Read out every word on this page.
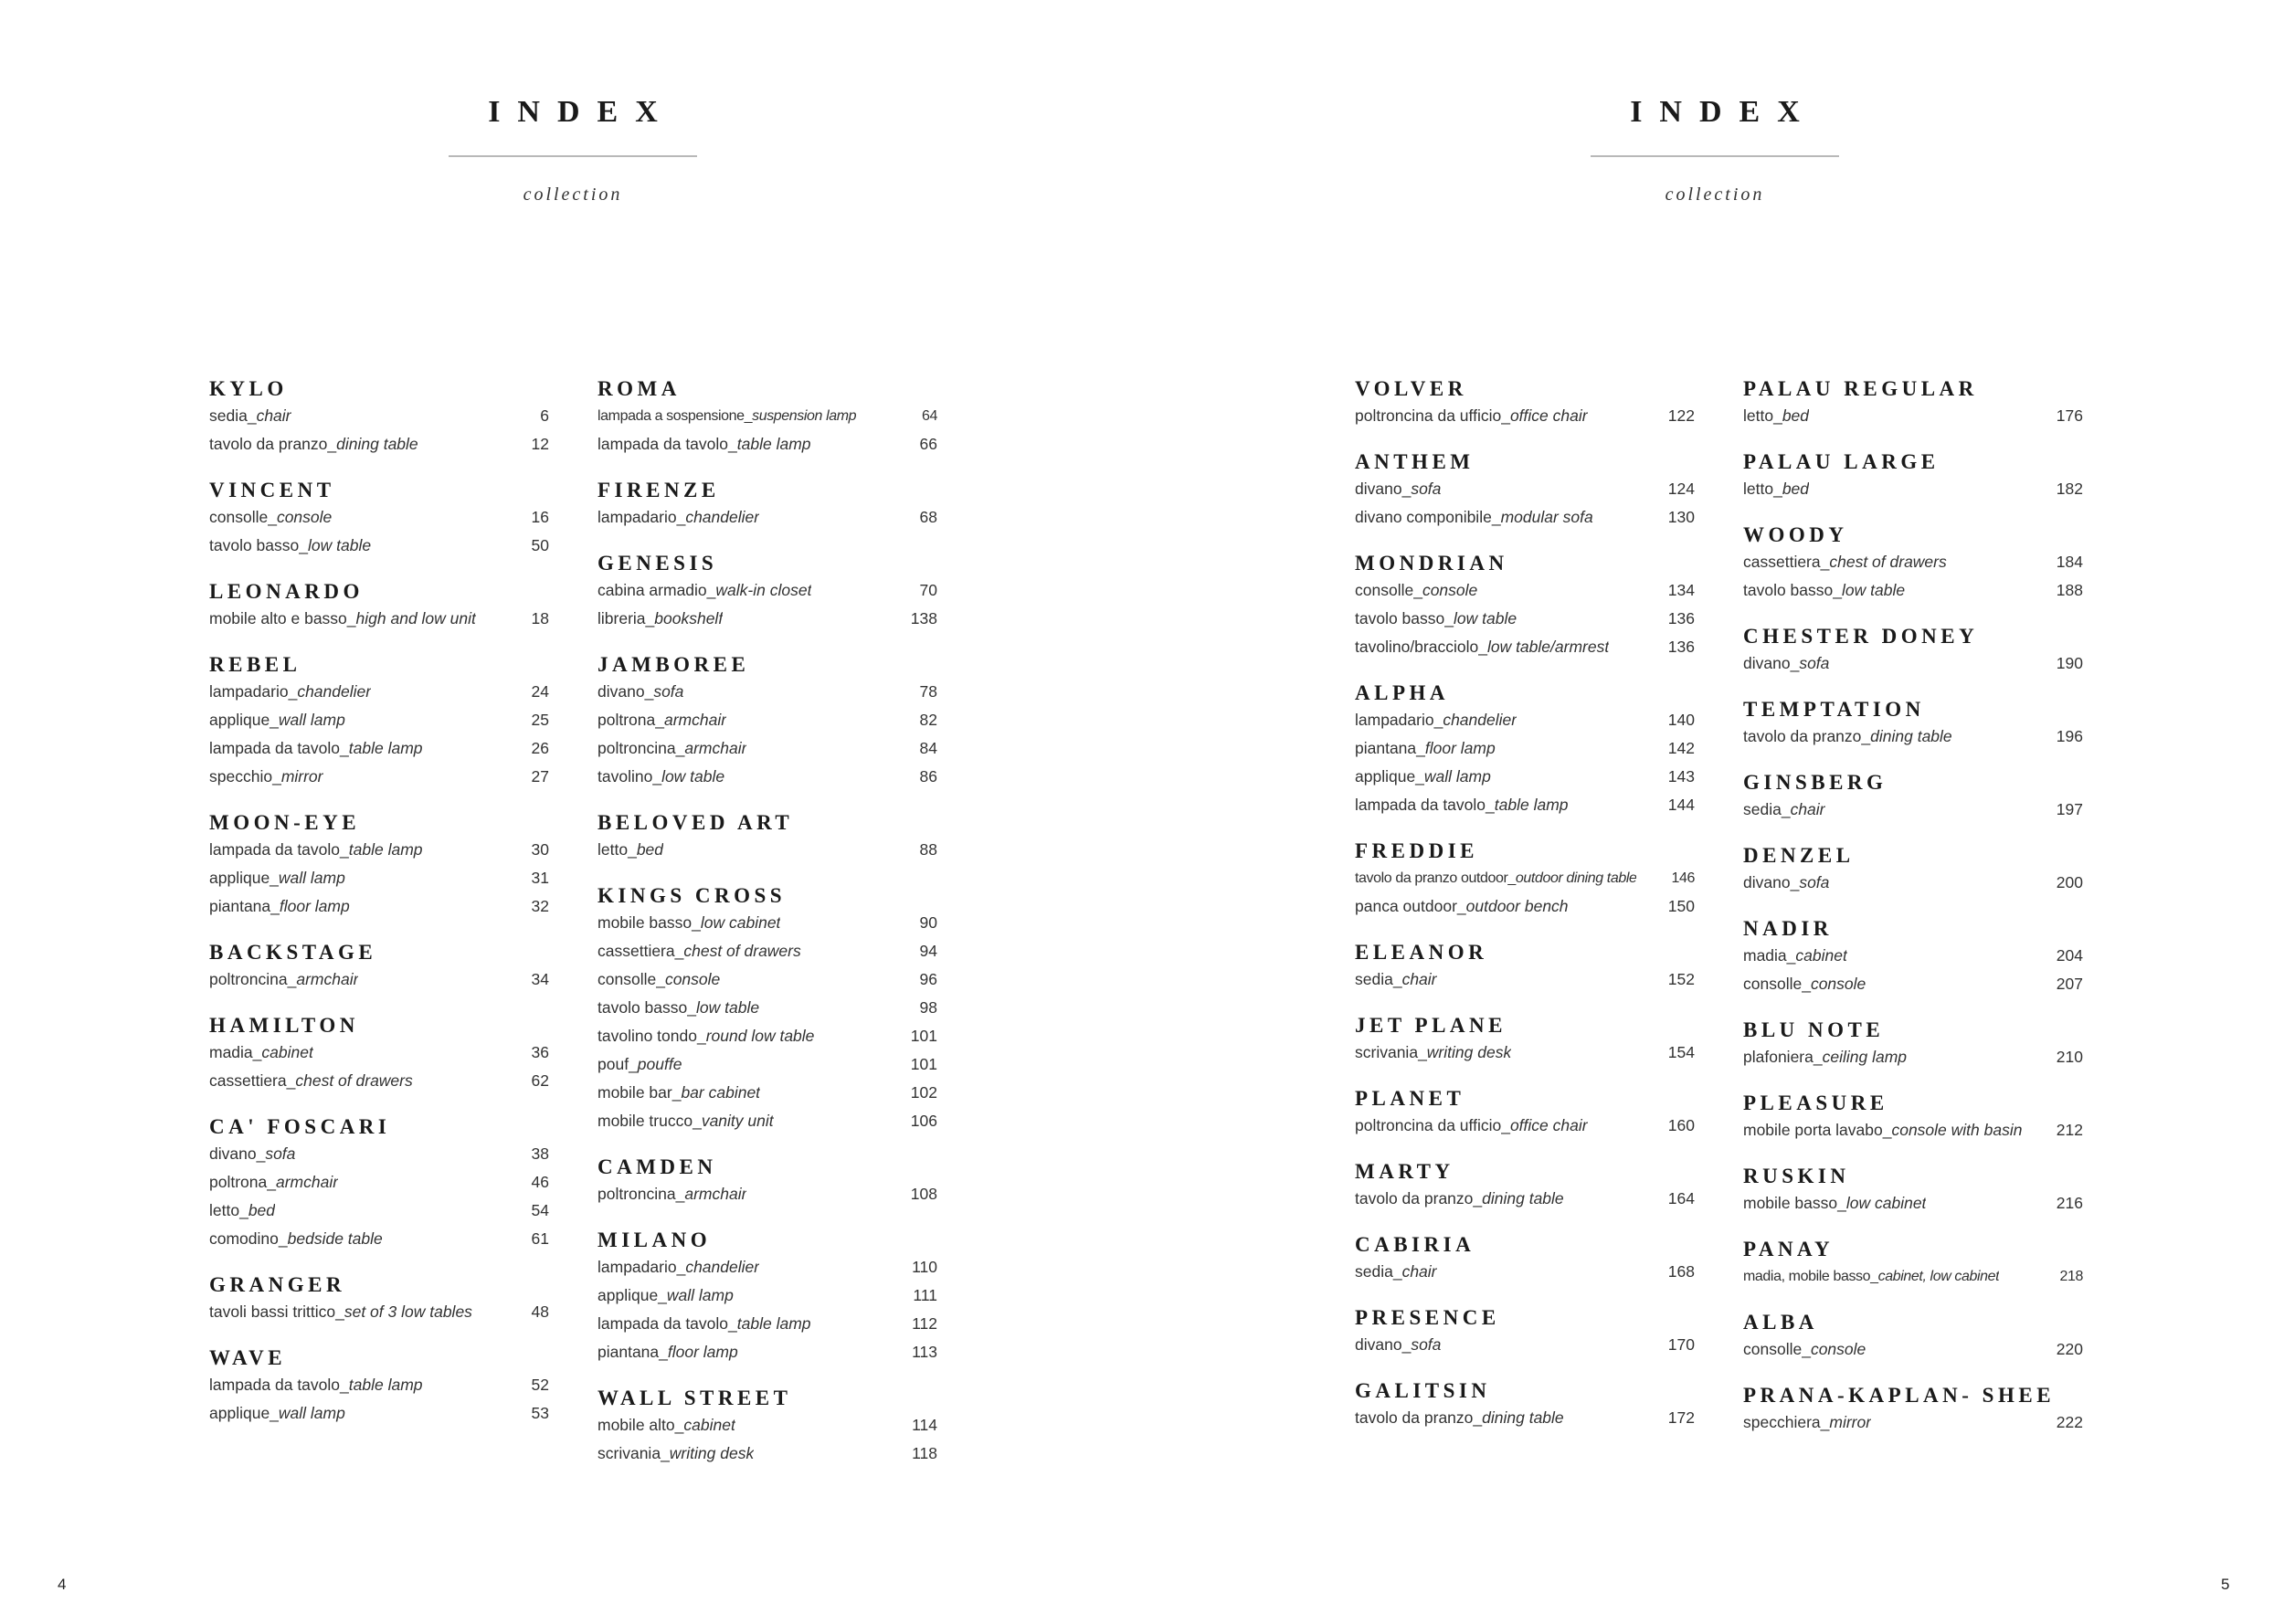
INDEX
collection
KYLO
sedia_chair	6
tavolo da pranzo_dining table	12
VINCENT
consolle_console	16
tavolo basso_low table	50
LEONARDO
mobile alto e basso_high and low unit	18
REBEL
lampadario_chandelier	24
applique_wall lamp	25
lampada da tavolo_table lamp	26
specchio_mirror	27
MOON-EYE
lampada da tavolo_table lamp	30
applique_wall lamp	31
piantana_floor lamp	32
BACKSTAGE
poltroncina_armchair	34
HAMILTON
madia_cabinet	36
cassettiera_chest of drawers	62
CA' FOSCARI
divano_sofa	38
poltrona_armchair	46
letto_bed	54
comodino_bedside table	61
GRANGER
tavoli bassi trittico_set of 3 low tables	48
WAVE
lampada da tavolo_table lamp	52
applique_wall lamp	53
ROMA
lampada a sospensione_suspension lamp	64
lampada da tavolo_table lamp	66
FIRENZE
lampadario_chandelier	68
GENESIS
cabina armadio_walk-in closet	70
libreria_bookshelf	138
JAMBOREE
divano_sofa	78
poltrona_armchair	82
poltroncina_armchair	84
tavolino_low table	86
BELOVED ART
letto_bed	88
KINGS CROSS
mobile basso_low cabinet	90
cassettiera_chest of drawers	94
consolle_console	96
tavolo basso_low table	98
tavolino tondo_round low table	101
pouf_pouffe	101
mobile bar_bar cabinet	102
mobile trucco_vanity unit	106
CAMDEN
poltroncina_armchair	108
MILANO
lampadario_chandelier	110
applique_wall lamp	111
lampada da tavolo_table lamp	112
piantana_floor lamp	113
WALL STREET
mobile alto_cabinet	114
scrivania_writing desk	118
4
INDEX
collection
VOLVER
poltroncina da ufficio_office chair	122
ANTHEM
divano_sofa	124
divano componibile_modular sofa	130
MONDRIAN
consolle_console	134
tavolo basso_low table	136
tavolino/bracciolo_low table/armrest	136
ALPHA
lampadario_chandelier	140
piantana_floor lamp	142
applique_wall lamp	143
lampada da tavolo_table lamp	144
FREDDIE
tavolo da pranzo outdoor_outdoor dining table	146
panca outdoor_outdoor bench	150
ELEANOR
sedia_chair	152
JET PLANE
scrivania_writing desk	154
PLANET
poltroncina da ufficio_office chair	160
MARTY
tavolo da pranzo_dining table	164
CABIRIA
sedia_chair	168
PRESENCE
divano_sofa	170
GALITSIN
tavolo da pranzo_dining table	172
PALAU REGULAR
letto_bed	176
PALAU LARGE
letto_bed	182
WOODY
cassettiera_chest of drawers	184
tavolo basso_low table	188
CHESTER DONEY
divano_sofa	190
TEMPTATION
tavolo da pranzo_dining table	196
GINSBERG
sedia_chair	197
DENZEL
divano_sofa	200
NADIR
madia_cabinet	204
consolle_console	207
BLU NOTE
plafoniera_ceiling lamp	210
PLEASURE
mobile porta lavabo_console with basin	212
RUSKIN
mobile basso_low cabinet	216
PANAY
madia, mobile basso_cabinet, low cabinet	218
ALBA
consolle_console	220
PRANA-KAPLAN- SHEE
specchiera_mirror	222
5
